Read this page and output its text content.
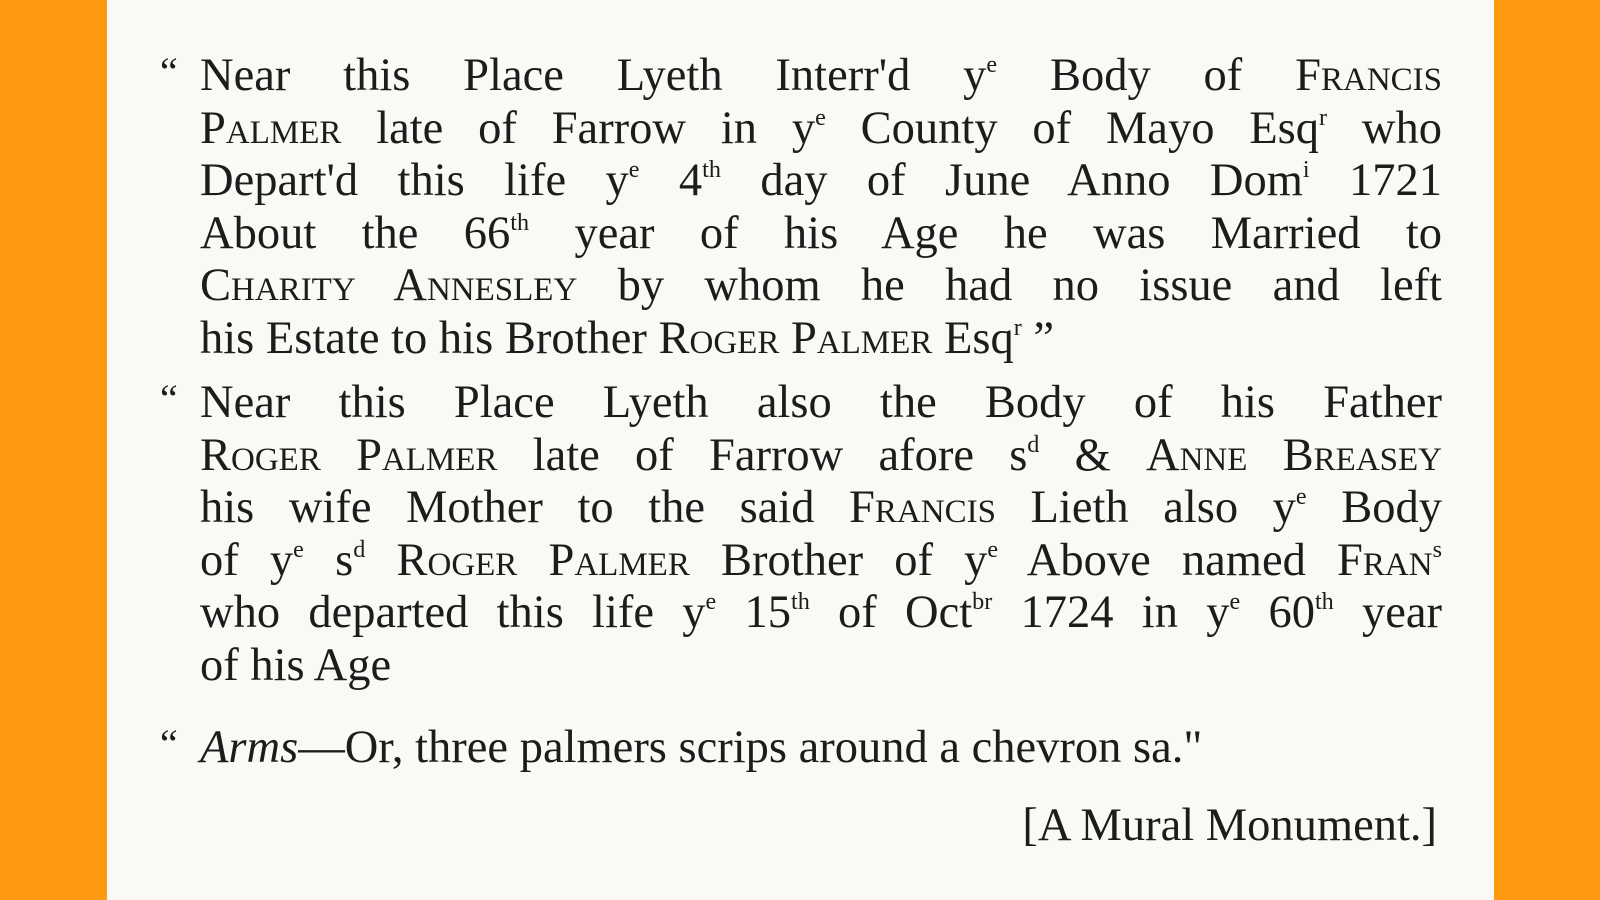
“ Near this Place Lyeth Interr'd $y^e$ Body of Francis
Palmer late of Farrow in $y^e$ County of Mayo Esq$^r$ who
Depart'd this life $y^e$ 4th day of June Anno Dom$^i$ 1721
About the 66th year of his Age he was Married to
Charity Annesley by whom he had no issue and left
his Estate to his Brother Roger Palmer Esq$^r$ ”
“ Near this Place Lyeth also the Body of his Father
Roger Palmer late of Farrow afore $s^d$ & Anne Breasey
his wife Mother to the said Francis Lieth also $y^e$ Body
of $y^e$ $s^d$ Roger Palmer Brother of $y^e$ Above named Fran$^s$
who departed this life $y^e$ 15th of Oct$^{br}$ 1724 in $y^e$ 60th year
of his Age
“ Arms—Or, three palmers scrips around a chevron sa."
[A Mural Monument.]
